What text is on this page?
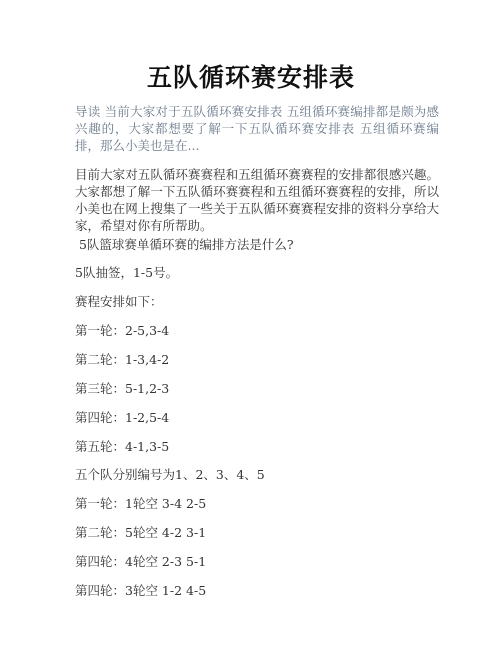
五队循环赛安排表

导读 当前大家对于五队循环赛安排表 五组循环赛编排都是颇为感兴趣的，大家都想要了解一下五队循环赛安排表 五组循环赛编排，那么小美也是在...

目前大家对五队循环赛赛程和五组循环赛赛程的安排都很感兴趣。大家都想了解一下五队循环赛赛程和五组循环赛赛程的安排，所以小美也在网上搜集了一些关于五队循环赛赛程安排的资料分享给大家，希望对你有所帮助。

5队篮球赛单循环赛的编排方法是什么?

5队抽签，1-5号。

赛程安排如下：

第一轮：2-5,3-4

第二轮：1-3,4-2

第三轮：5-1,2-3

第四轮：1-2,5-4

第五轮：4-1,3-5

五个队分别编号为1、2、3、4、5

第一轮：1轮空 3-4 2-5

第二轮：5轮空 4-2 3-1

第四轮：4轮空 2-3 5-1

第四轮：3轮空 1-2 4-5
